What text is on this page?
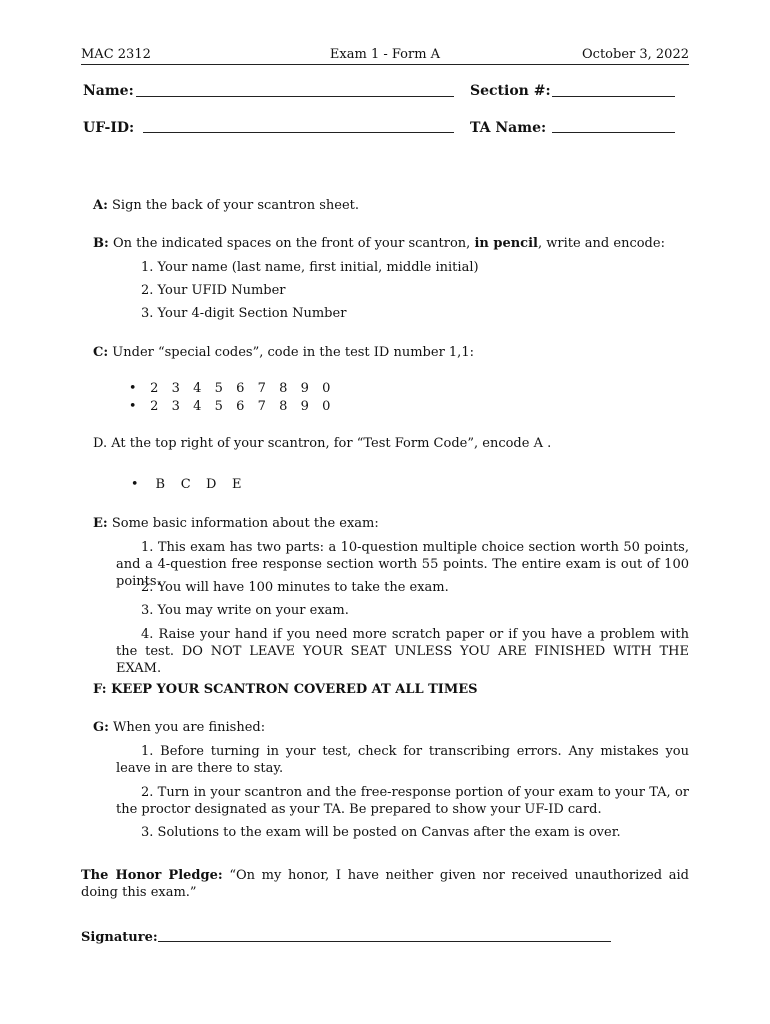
MAC 2312	Exam 1 - Form A	October 3, 2022
Name:	Section #:
UF-ID:	TA Name:
A: Sign the back of your scantron sheet.
B: On the indicated spaces on the front of your scantron, in pencil, write and encode:
1. Your name (last name, first initial, middle initial)
2. Your UFID Number
3. Your 4-digit Section Number
C: Under “special codes”, code in the test ID number 1,1:
• 2 3 4 5 6 7 8 9 0
• 2 3 4 5 6 7 8 9 0
D. At the top right of your scantron, for “Test Form Code”, encode A .
• B C D E
E: Some basic information about the exam:
1. This exam has two parts: a 10-question multiple choice section worth 50 points, and a 4-question free response section worth 55 points. The entire exam is out of 100 points.
2. You will have 100 minutes to take the exam.
3. You may write on your exam.
4. Raise your hand if you need more scratch paper or if you have a problem with the test. DO NOT LEAVE YOUR SEAT UNLESS YOU ARE FINISHED WITH THE EXAM.
F: KEEP YOUR SCANTRON COVERED AT ALL TIMES
G: When you are finished:
1. Before turning in your test, check for transcribing errors. Any mistakes you leave in are there to stay.
2. Turn in your scantron and the free-response portion of your exam to your TA, or the proctor designated as your TA. Be prepared to show your UF-ID card.
3. Solutions to the exam will be posted on Canvas after the exam is over.
The Honor Pledge: “On my honor, I have neither given nor received unauthorized aid doing this exam.”
Signature:
